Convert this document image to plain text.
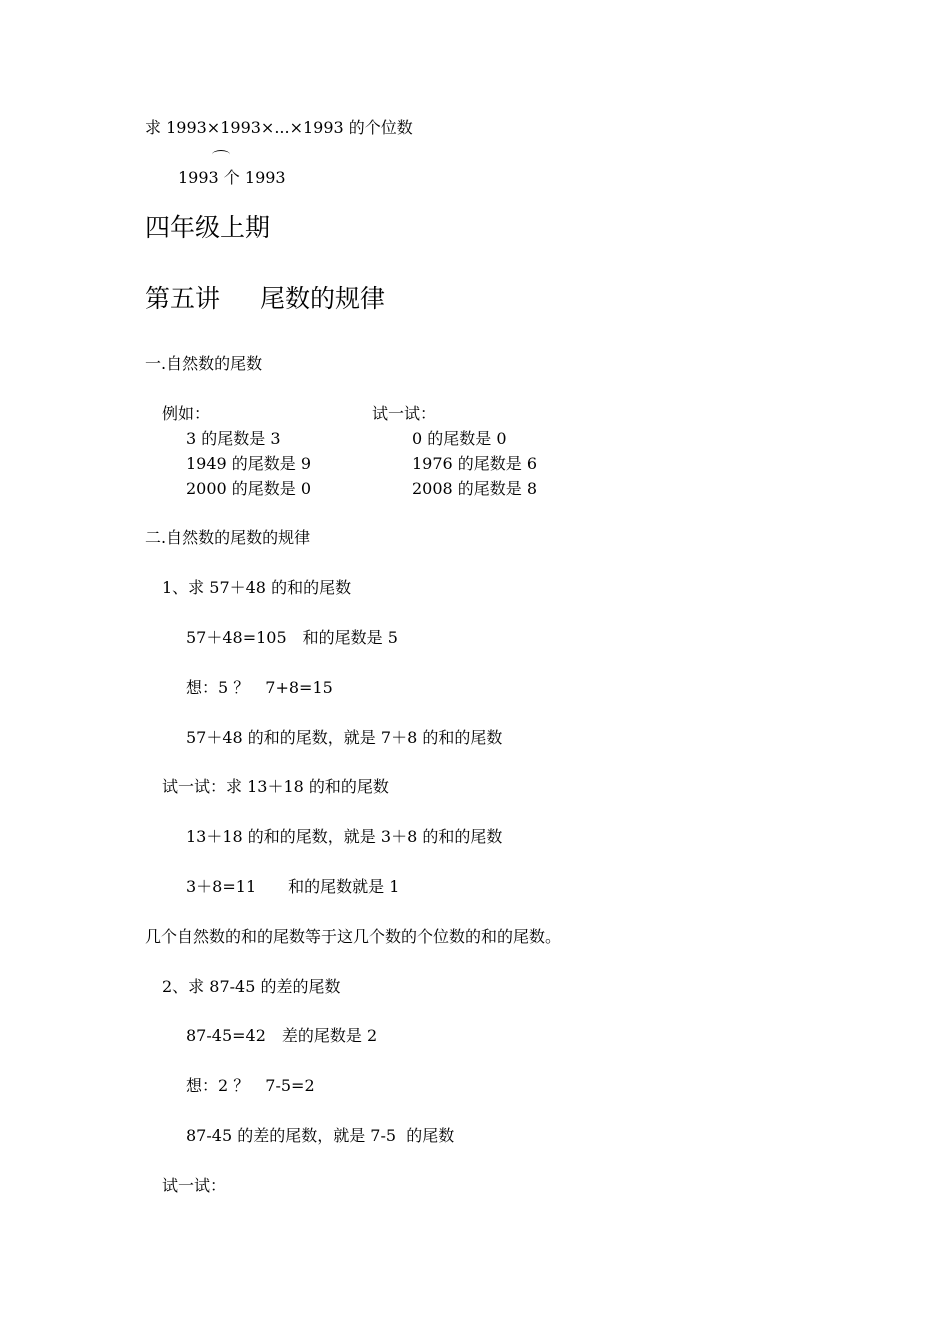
求 1993×1993×...×1993 的个位数
1993 个 1993
四年级上期
第五讲 尾数的规律
一.自然数的尾数
例如：	试一试：
3 的尾数是 3
1949 的尾数是 9
2000 的尾数是 0
0 的尾数是 0
1976 的尾数是 6
2008 的尾数是 8
二.自然数的尾数的规律
1、求 57＋48 的和的尾数
57＋48=105　和的尾数是 5
想：5 ？　7+8=15
57＋48 的和的尾数，就是 7＋8 的和的尾数
试一试：求 13＋18 的和的尾数
13＋18 的和的尾数，就是 3＋8 的和的尾数
3＋8=11　　和的尾数就是 1
几个自然数的和的尾数等于这几个数的个位数的和的尾数。
2、求 87-45 的差的尾数
87-45=42　差的尾数是 2
想：2 ？　7-5=2
87-45 的差的尾数，就是 7-5  的尾数
试一试：
